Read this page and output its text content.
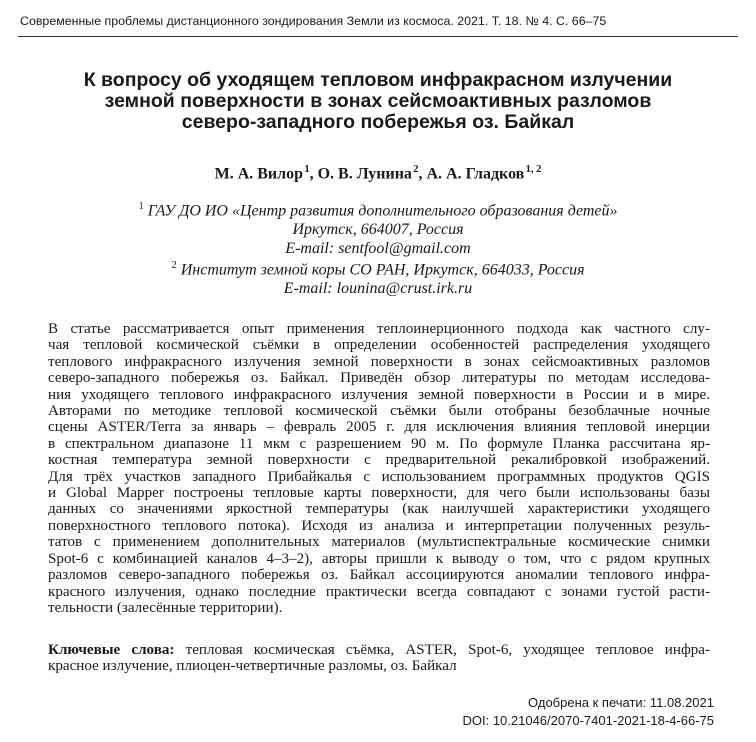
Современные проблемы дистанционного зондирования Земли из космоса. 2021. Т. 18. № 4. С. 66–75
К вопросу об уходящем тепловом инфракрасном излучении
земной поверхности в зонах сейсмоактивных разломов
северо-западного побережья оз. Байкал
М. А. Вилор $^1$, О. В. Лунина $^2$, А. А. Гладков $^{1, 2}$
$^1$ ГАУ ДО ИО «Центр развития дополнительного образования детей»
Иркутск, 664007, Россия
E-mail: sentfool@gmail.com
$^2$ Институт земной коры СО РАН, Иркутск, 664033, Россия
E-mail: lounina@crust.irk.ru
В статье рассматривается опыт применения теплоинерционного подхода как частного слу-
чая тепловой космической съёмки в определении особенностей распределения уходящего
теплового инфракрасного излучения земной поверхности в зонах сейсмоактивных разломов
северо-западного побережья оз. Байкал. Приведён обзор литературы по методам исследова-
ния уходящего теплового инфракрасного излучения земной поверхности в России и в мире.
Авторами по методике тепловой космической съёмки были отобраны безоблачные ночные
сцены ASTER/Terra за январь – февраль 2005 г. для исключения влияния тепловой инерции
в спектральном диапазоне 11 мкм с разрешением 90 м. По формуле Планка рассчитана яр-
костная температура земной поверхности с предварительной рекалибровкой изображений.
Для трёх участков западного Прибайкалья с использованием программных продуктов QGIS
и Global Mapper построены тепловые карты поверхности, для чего были использованы базы
данных со значениями яркостной температуры (как наилучшей характеристики уходящего
поверхностного теплового потока). Исходя из анализа и интерпретации полученных резуль-
татов с применением дополнительных материалов (мультиспектральные космические снимки
Spot-6 с комбинацией каналов 4–3–2), авторы пришли к выводу о том, что с рядом крупных
разломов северо-западного побережья оз. Байкал ассоциируются аномалии теплового инфра-
красного излучения, однако последние практически всегда совпадают с зонами густой расти-
тельности (залесённые территории).
Ключевые слова: тепловая космическая съёмка, ASTER, Spot-6, уходящее тепловое инфра-
красное излучение, плиоцен-четвертичные разломы, оз. Байкал
Одобрена к печати: 11.08.2021
DOI: 10.21046/2070-7401-2021-18-4-66-75
